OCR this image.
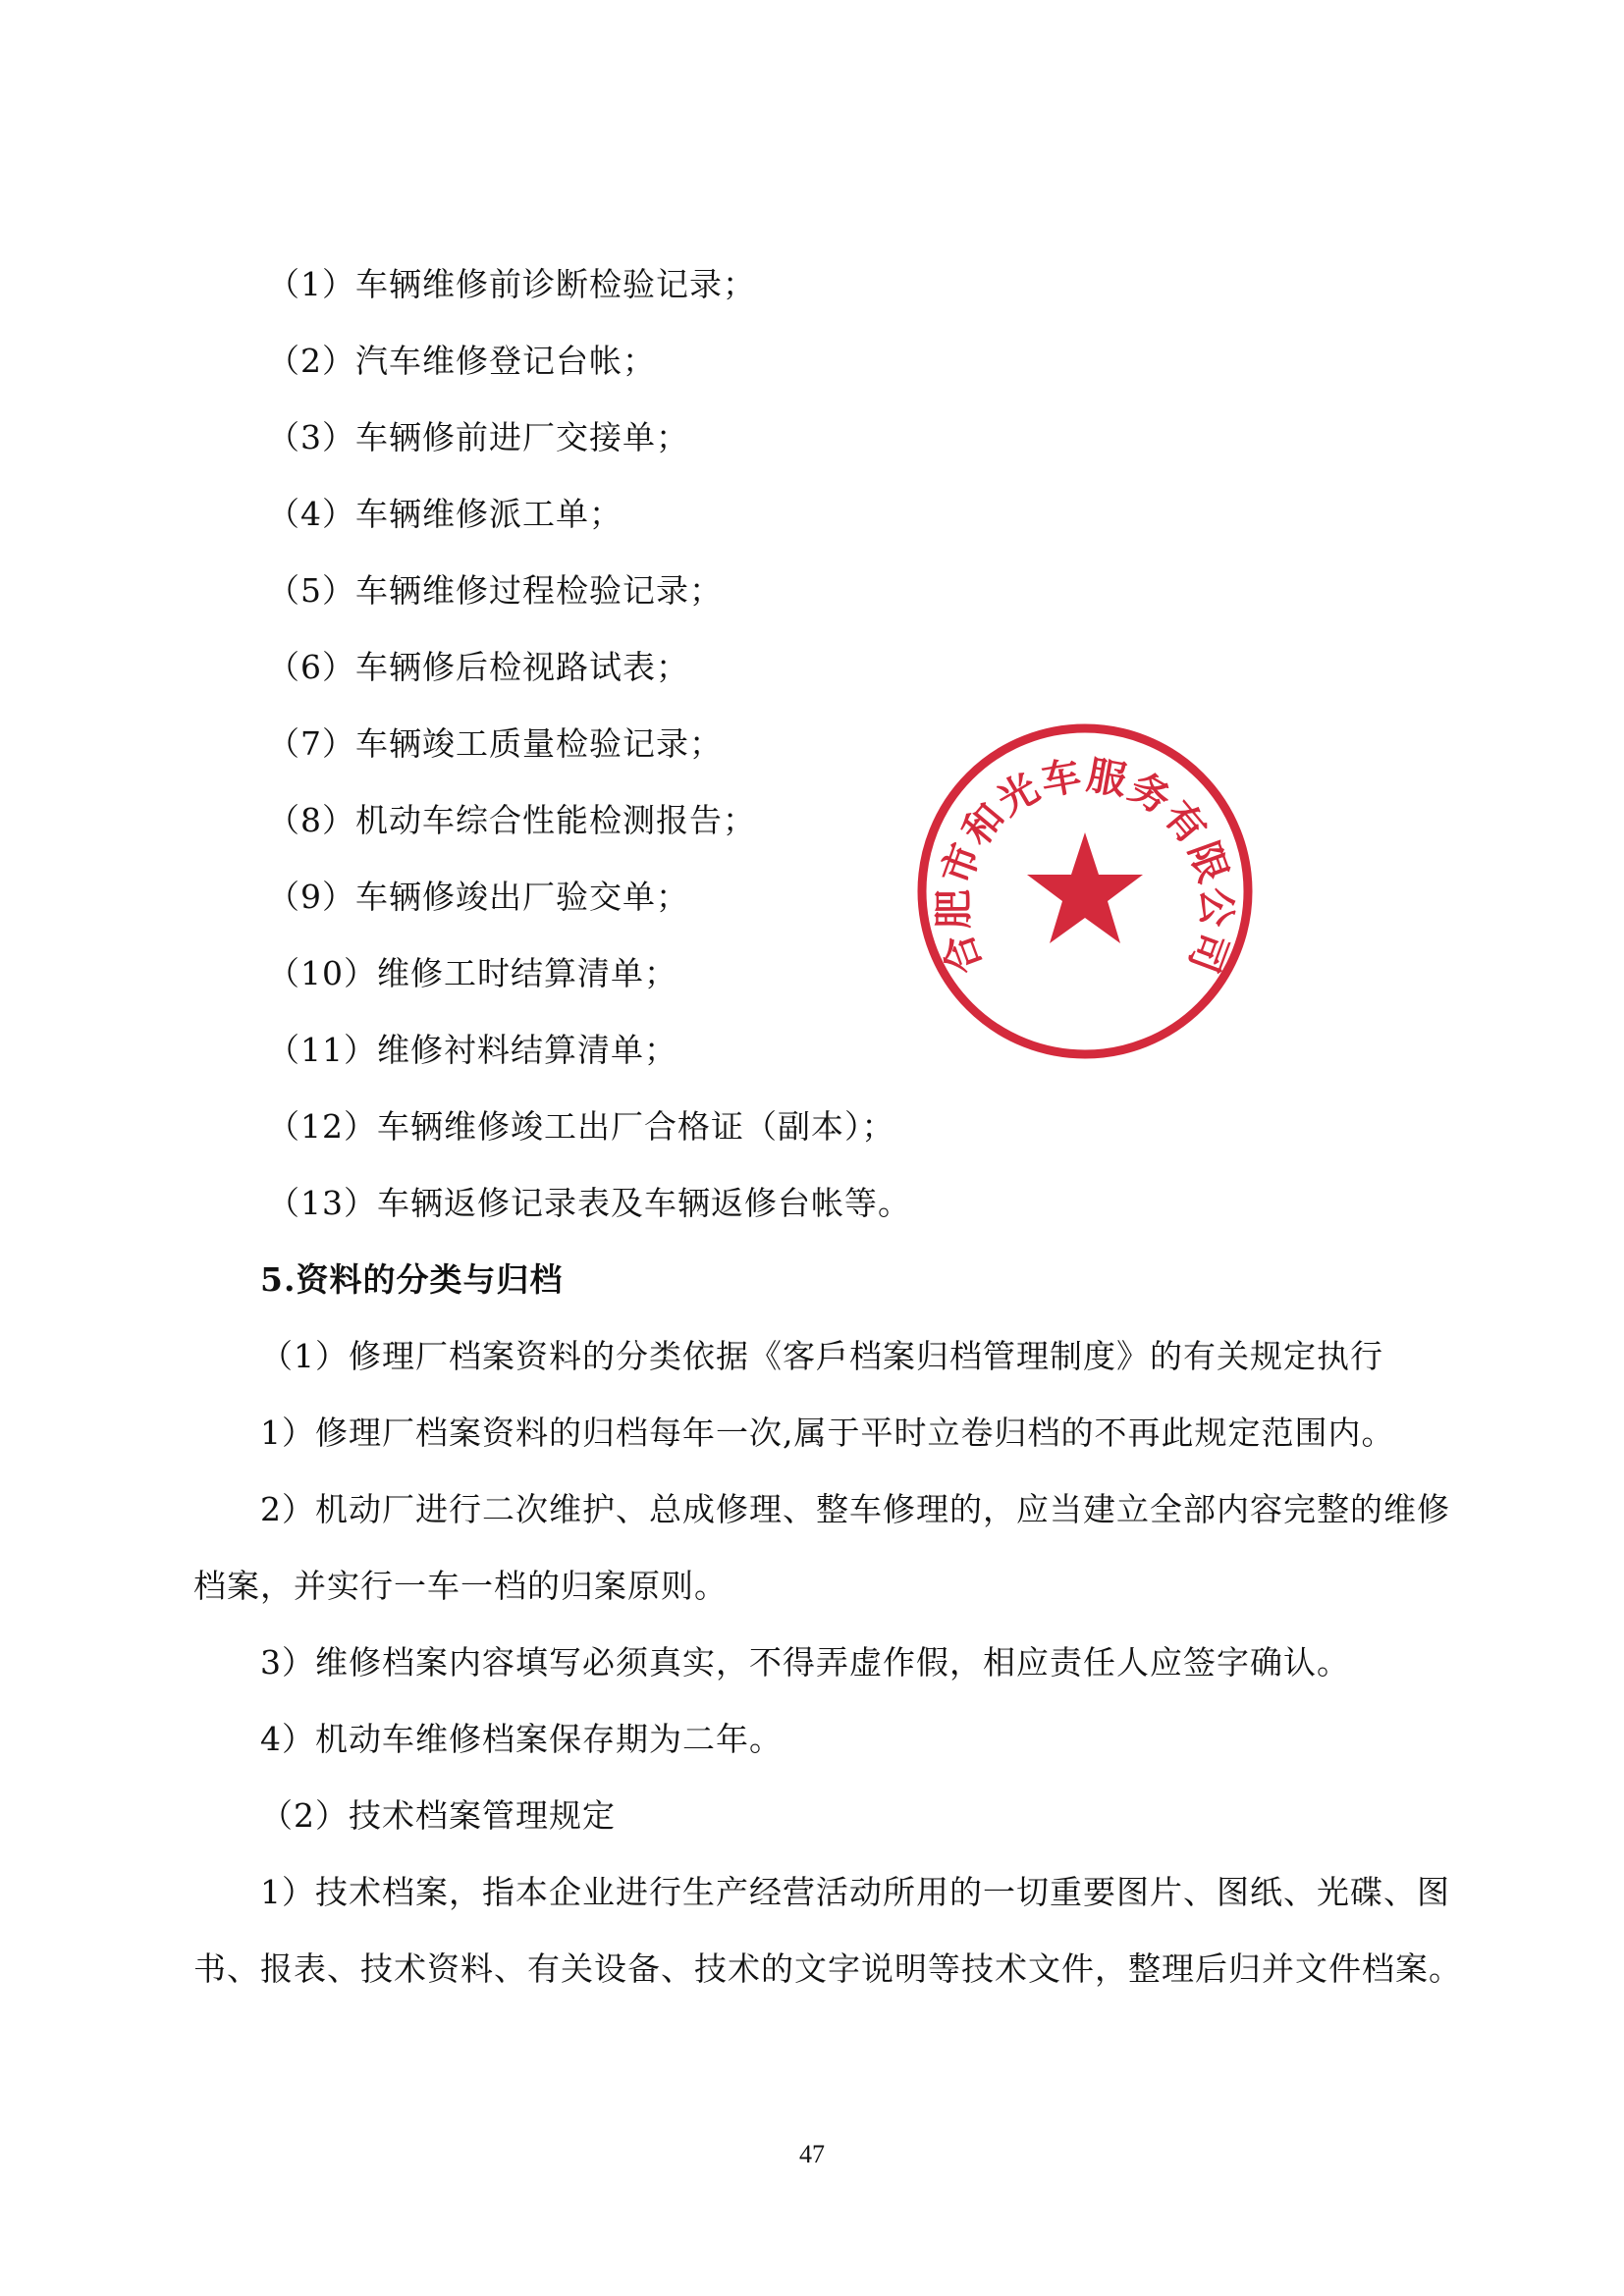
（1）车辆维修前诊断检验记录；
（2）汽车维修登记台帐；
（3）车辆修前进厂交接单；
（4）车辆维修派工单；
（5）车辆维修过程检验记录；
（6）车辆修后检视路试表；
（7）车辆竣工质量检验记录；
（8）机动车综合性能检测报告；
（9）车辆修竣出厂验交单；
（10）维修工时结算清单；
（11）维修衬料结算清单；
（12）车辆维修竣工出厂合格证（副本）；
（13）车辆返修记录表及车辆返修台帐等。
5.资料的分类与归档
（1）修理厂档案资料的分类依据《客戶档案归档管理制度》的有关规定执行
1）修理厂档案资料的归档每年一次,属于平时立卷归档的不再此规定范围内。
2）机动厂进行二次维护、总成修理、整车修理的，应当建立全部内容完整的维修
档案，并实行一车一档的归案原则。
3）维修档案内容填写必须真实，不得弄虚作假，相应责任人应签字确认。
4）机动车维修档案保存期为二年。
（2）技术档案管理规定
1）技术档案，指本企业进行生产经营活动所用的一切重要图片、图纸、光碟、图
书、报表、技术资料、有关设备、技术的文字说明等技术文件，整理后归并文件档案。
合肥市和光车服务有限公司
47
